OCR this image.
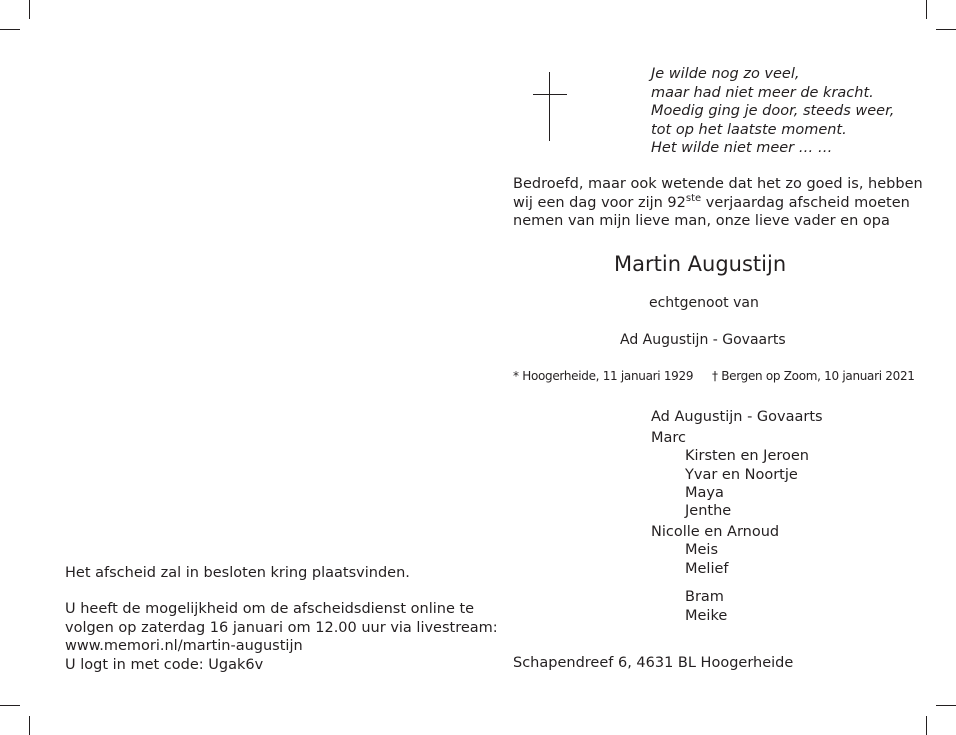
Je wilde nog zo veel,
maar had niet meer de kracht.
Moedig ging je door, steeds weer,
tot op het laatste moment.
Het wilde niet meer … …
Bedroefd, maar ook wetende dat het zo goed is, hebben
wij een dag voor zijn 92ste verjaardag afscheid moeten
nemen van mijn lieve man, onze lieve vader en opa
Martin Augustijn
echtgenoot van
Ad Augustijn - Govaarts
* Hoogerheide, 11 januari 1929 † Bergen op Zoom, 10 januari 2021
Ad Augustijn - Govaarts
Marc
Kirsten en Jeroen
Yvar en Noortje
Maya
Jenthe
Nicolle en Arnoud
Meis
Melief
Bram
Meike
Het afscheid zal in besloten kring plaatsvinden.
U heeft de mogelijkheid om de afscheidsdienst online te
volgen op zaterdag 16 januari om 12.00 uur via livestream:
www.memori.nl/martin-augustijn
U logt in met code: Ugak6v	Schapendreef 6, 4631 BL Hoogerheide
